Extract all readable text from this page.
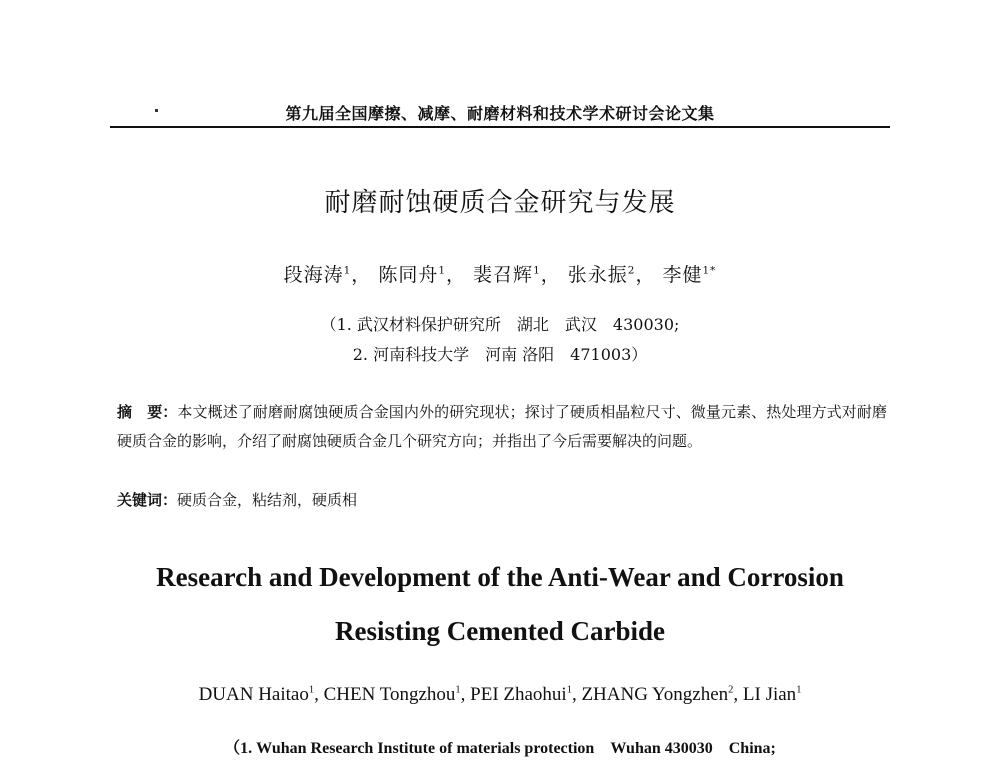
第九届全国摩擦、减摩、耐磨材料和技术学术研讨会论文集
耐磨耐蚀硬质合金研究与发展
段海涛$^1$， 陈同舟$^1$， 裴召辉$^1$， 张永振$^2$， 李健$^{1*}$
（1. 武汉材料保护研究所　湖北　武汉　430030;
2. 河南科技大学　河南 洛阳　471003）
摘　要：本文概述了耐磨耐腐蚀硬质合金国内外的研究现状；探讨了硬质相晶粒尺寸、微量元素、热处理方式对耐磨硬质合金的影响，介绍了耐腐蚀硬质合金几个研究方向；并指出了今后需要解决的问题。
关键词：硬质合金，粘结剂，硬质相
Research and Development of the Anti-Wear and Corrosion
Resisting Cemented Carbide
DUAN Haitao$^1$, CHEN Tongzhou$^1$, PEI Zhaohui$^1$, ZHANG Yongzhen$^2$, LI Jian$^1$
（1. Wuhan Research Institute of materials protection　Wuhan 430030　China;
